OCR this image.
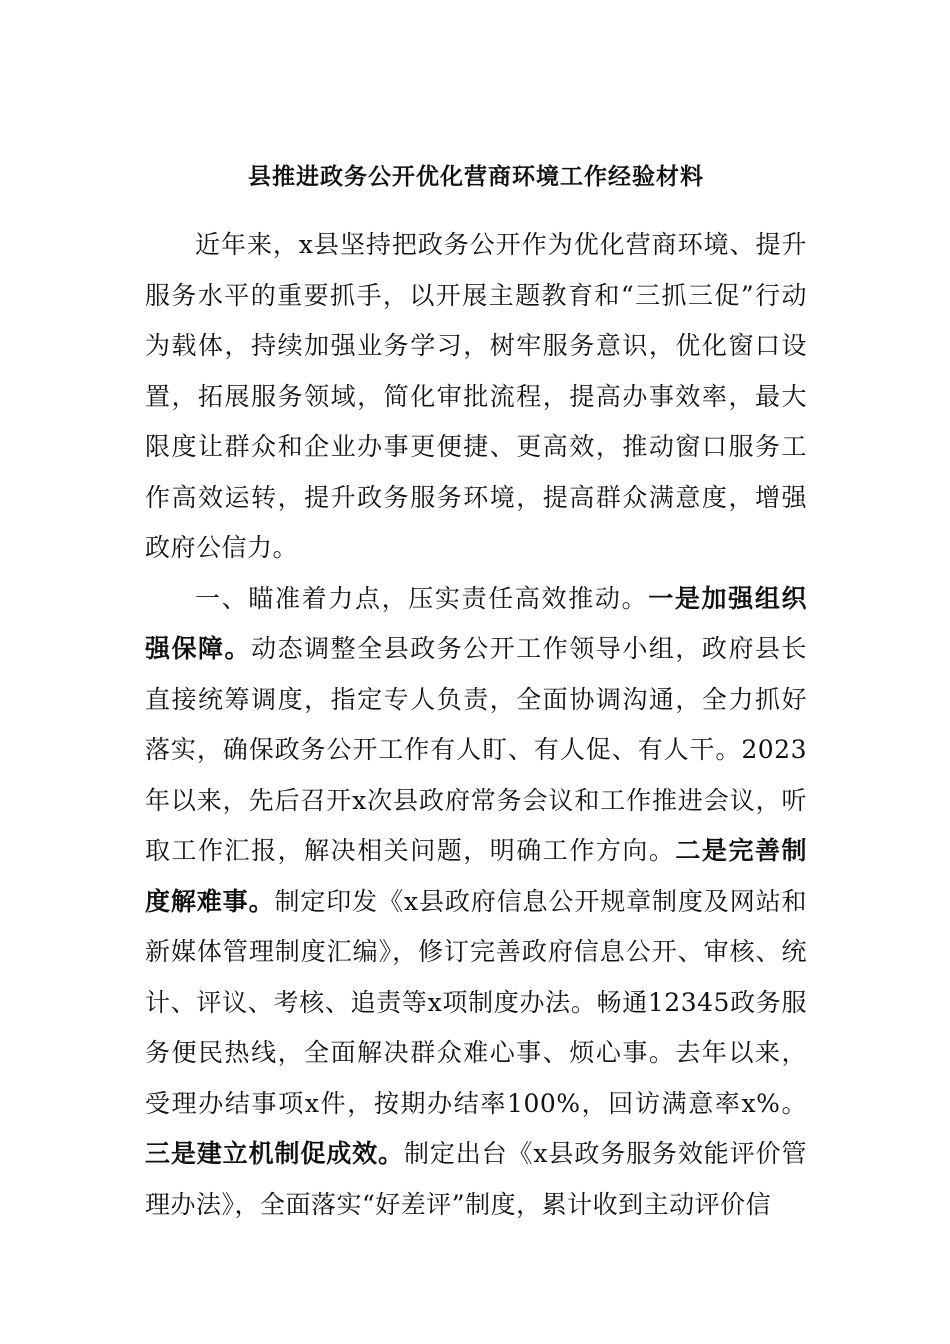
县推进政务公开优化营商环境工作经验材料

近年来，x县坚持把政务公开作为优化营商环境、提升服务水平的重要抓手，以开展主题教育和“三抓三促”行动为载体，持续加强业务学习，树牢服务意识，优化窗口设置，拓展服务领域，简化审批流程，提高办事效率，最大限度让群众和企业办事更便捷、更高效，推动窗口服务工作高效运转，提升政务服务环境，提高群众满意度，增强政府公信力。

一、瞄准着力点，压实责任高效推动。一是加强组织强保障。动态调整全县政务公开工作领导小组，政府县长直接统筹调度，指定专人负责，全面协调沟通，全力抓好落实，确保政务公开工作有人盯、有人促、有人干。2023年以来，先后召开x次县政府常务会议和工作推进会议，听取工作汇报，解决相关问题，明确工作方向。二是完善制度解难事。制定印发《x县政府信息公开规章制度及网站和新媒体管理制度汇编》，修订完善政府信息公开、审核、统计、评议、考核、追责等x项制度办法。畅通12345政务服务便民热线，全面解决群众难心事、烦心事。去年以来，受理办结事项x件，按期办结率100%，回访满意率x%。三是建立机制促成效。制定出台《x县政务服务效能评价管理办法》，全面落实“好差评”制度，累计收到主动评价信
